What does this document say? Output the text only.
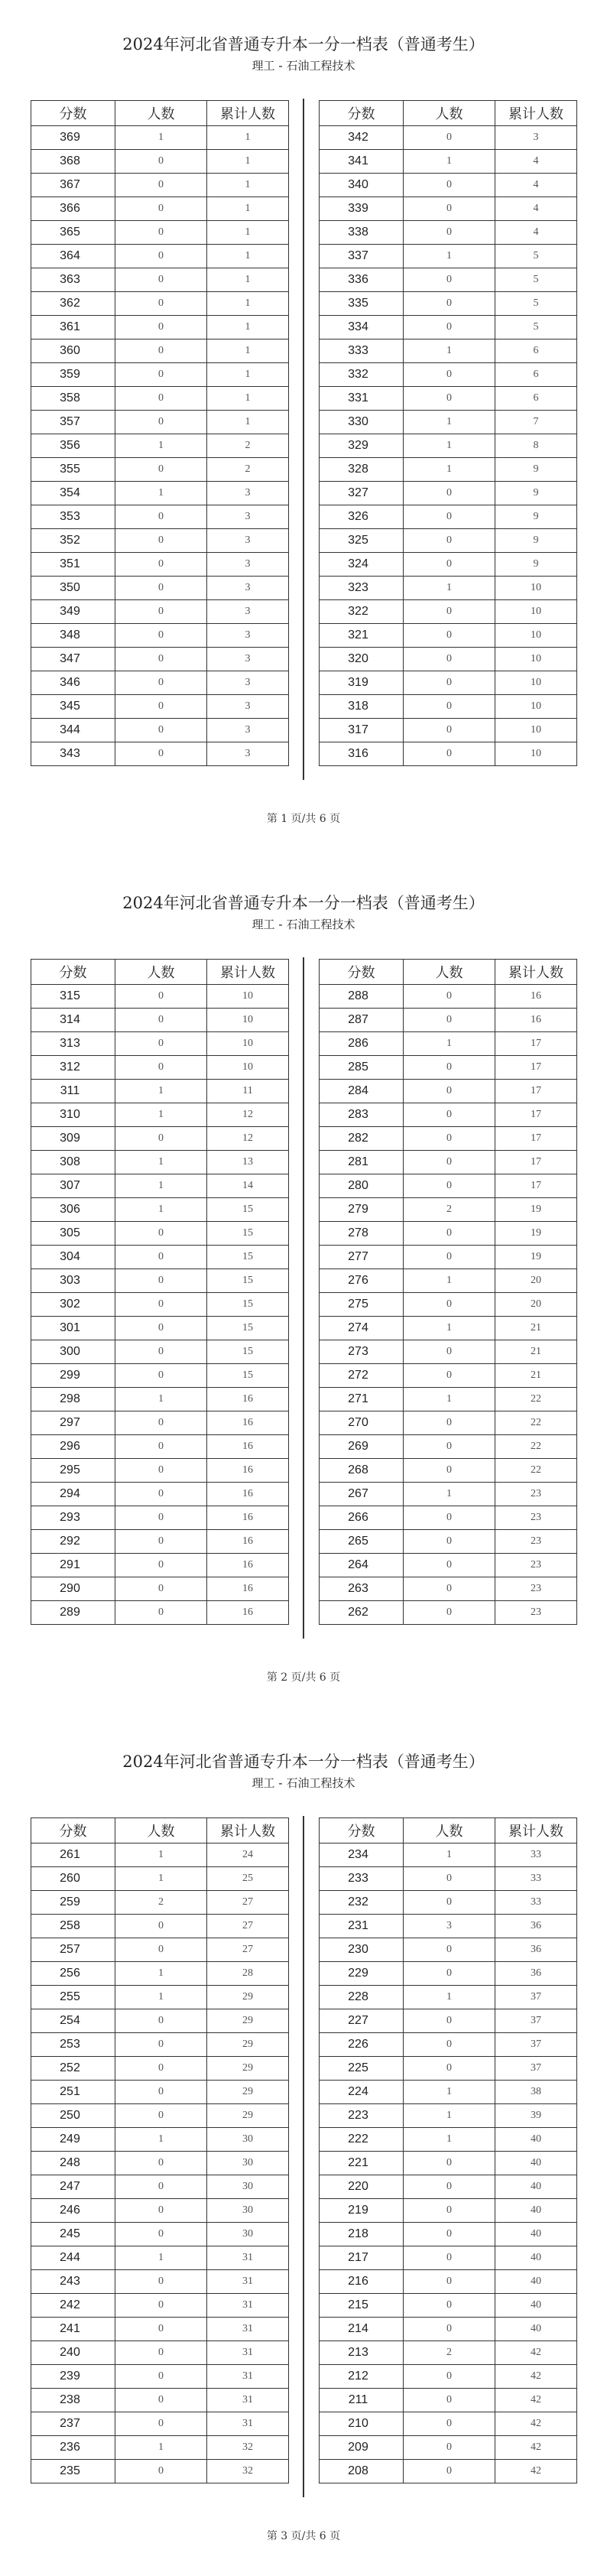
2024年河北省普通专升本一分一档表（普通考生）
理工 - 石油工程技术
分数	人数	累计人数
369	1	1
368	0	1
367	0	1
366	0	1
365	0	1
364	0	1
363	0	1
362	0	1
361	0	1
360	0	1
359	0	1
358	0	1
357	0	1
356	1	2
355	0	2
354	1	3
353	0	3
352	0	3
351	0	3
350	0	3
349	0	3
348	0	3
347	0	3
346	0	3
345	0	3
344	0	3
343	0	3
分数	人数	累计人数
342	0	3
341	1	4
340	0	4
339	0	4
338	0	4
337	1	5
336	0	5
335	0	5
334	0	5
333	1	6
332	0	6
331	0	6
330	1	7
329	1	8
328	1	9
327	0	9
326	0	9
325	0	9
324	0	9
323	1	10
322	0	10
321	0	10
320	0	10
319	0	10
318	0	10
317	0	10
316	0	10
第 1 页/共 6 页
2024年河北省普通专升本一分一档表（普通考生）
理工 - 石油工程技术
分数	人数	累计人数
315	0	10
314	0	10
313	0	10
312	0	10
311	1	11
310	1	12
309	0	12
308	1	13
307	1	14
306	1	15
305	0	15
304	0	15
303	0	15
302	0	15
301	0	15
300	0	15
299	0	15
298	1	16
297	0	16
296	0	16
295	0	16
294	0	16
293	0	16
292	0	16
291	0	16
290	0	16
289	0	16
分数	人数	累计人数
288	0	16
287	0	16
286	1	17
285	0	17
284	0	17
283	0	17
282	0	17
281	0	17
280	0	17
279	2	19
278	0	19
277	0	19
276	1	20
275	0	20
274	1	21
273	0	21
272	0	21
271	1	22
270	0	22
269	0	22
268	0	22
267	1	23
266	0	23
265	0	23
264	0	23
263	0	23
262	0	23
第 2 页/共 6 页
2024年河北省普通专升本一分一档表（普通考生）
理工 - 石油工程技术
分数	人数	累计人数
261	1	24
260	1	25
259	2	27
258	0	27
257	0	27
256	1	28
255	1	29
254	0	29
253	0	29
252	0	29
251	0	29
250	0	29
249	1	30
248	0	30
247	0	30
246	0	30
245	0	30
244	1	31
243	0	31
242	0	31
241	0	31
240	0	31
239	0	31
238	0	31
237	0	31
236	1	32
235	0	32
分数	人数	累计人数
234	1	33
233	0	33
232	0	33
231	3	36
230	0	36
229	0	36
228	1	37
227	0	37
226	0	37
225	0	37
224	1	38
223	1	39
222	1	40
221	0	40
220	0	40
219	0	40
218	0	40
217	0	40
216	0	40
215	0	40
214	0	40
213	2	42
212	0	42
211	0	42
210	0	42
209	0	42
208	0	42
第 3 页/共 6 页
